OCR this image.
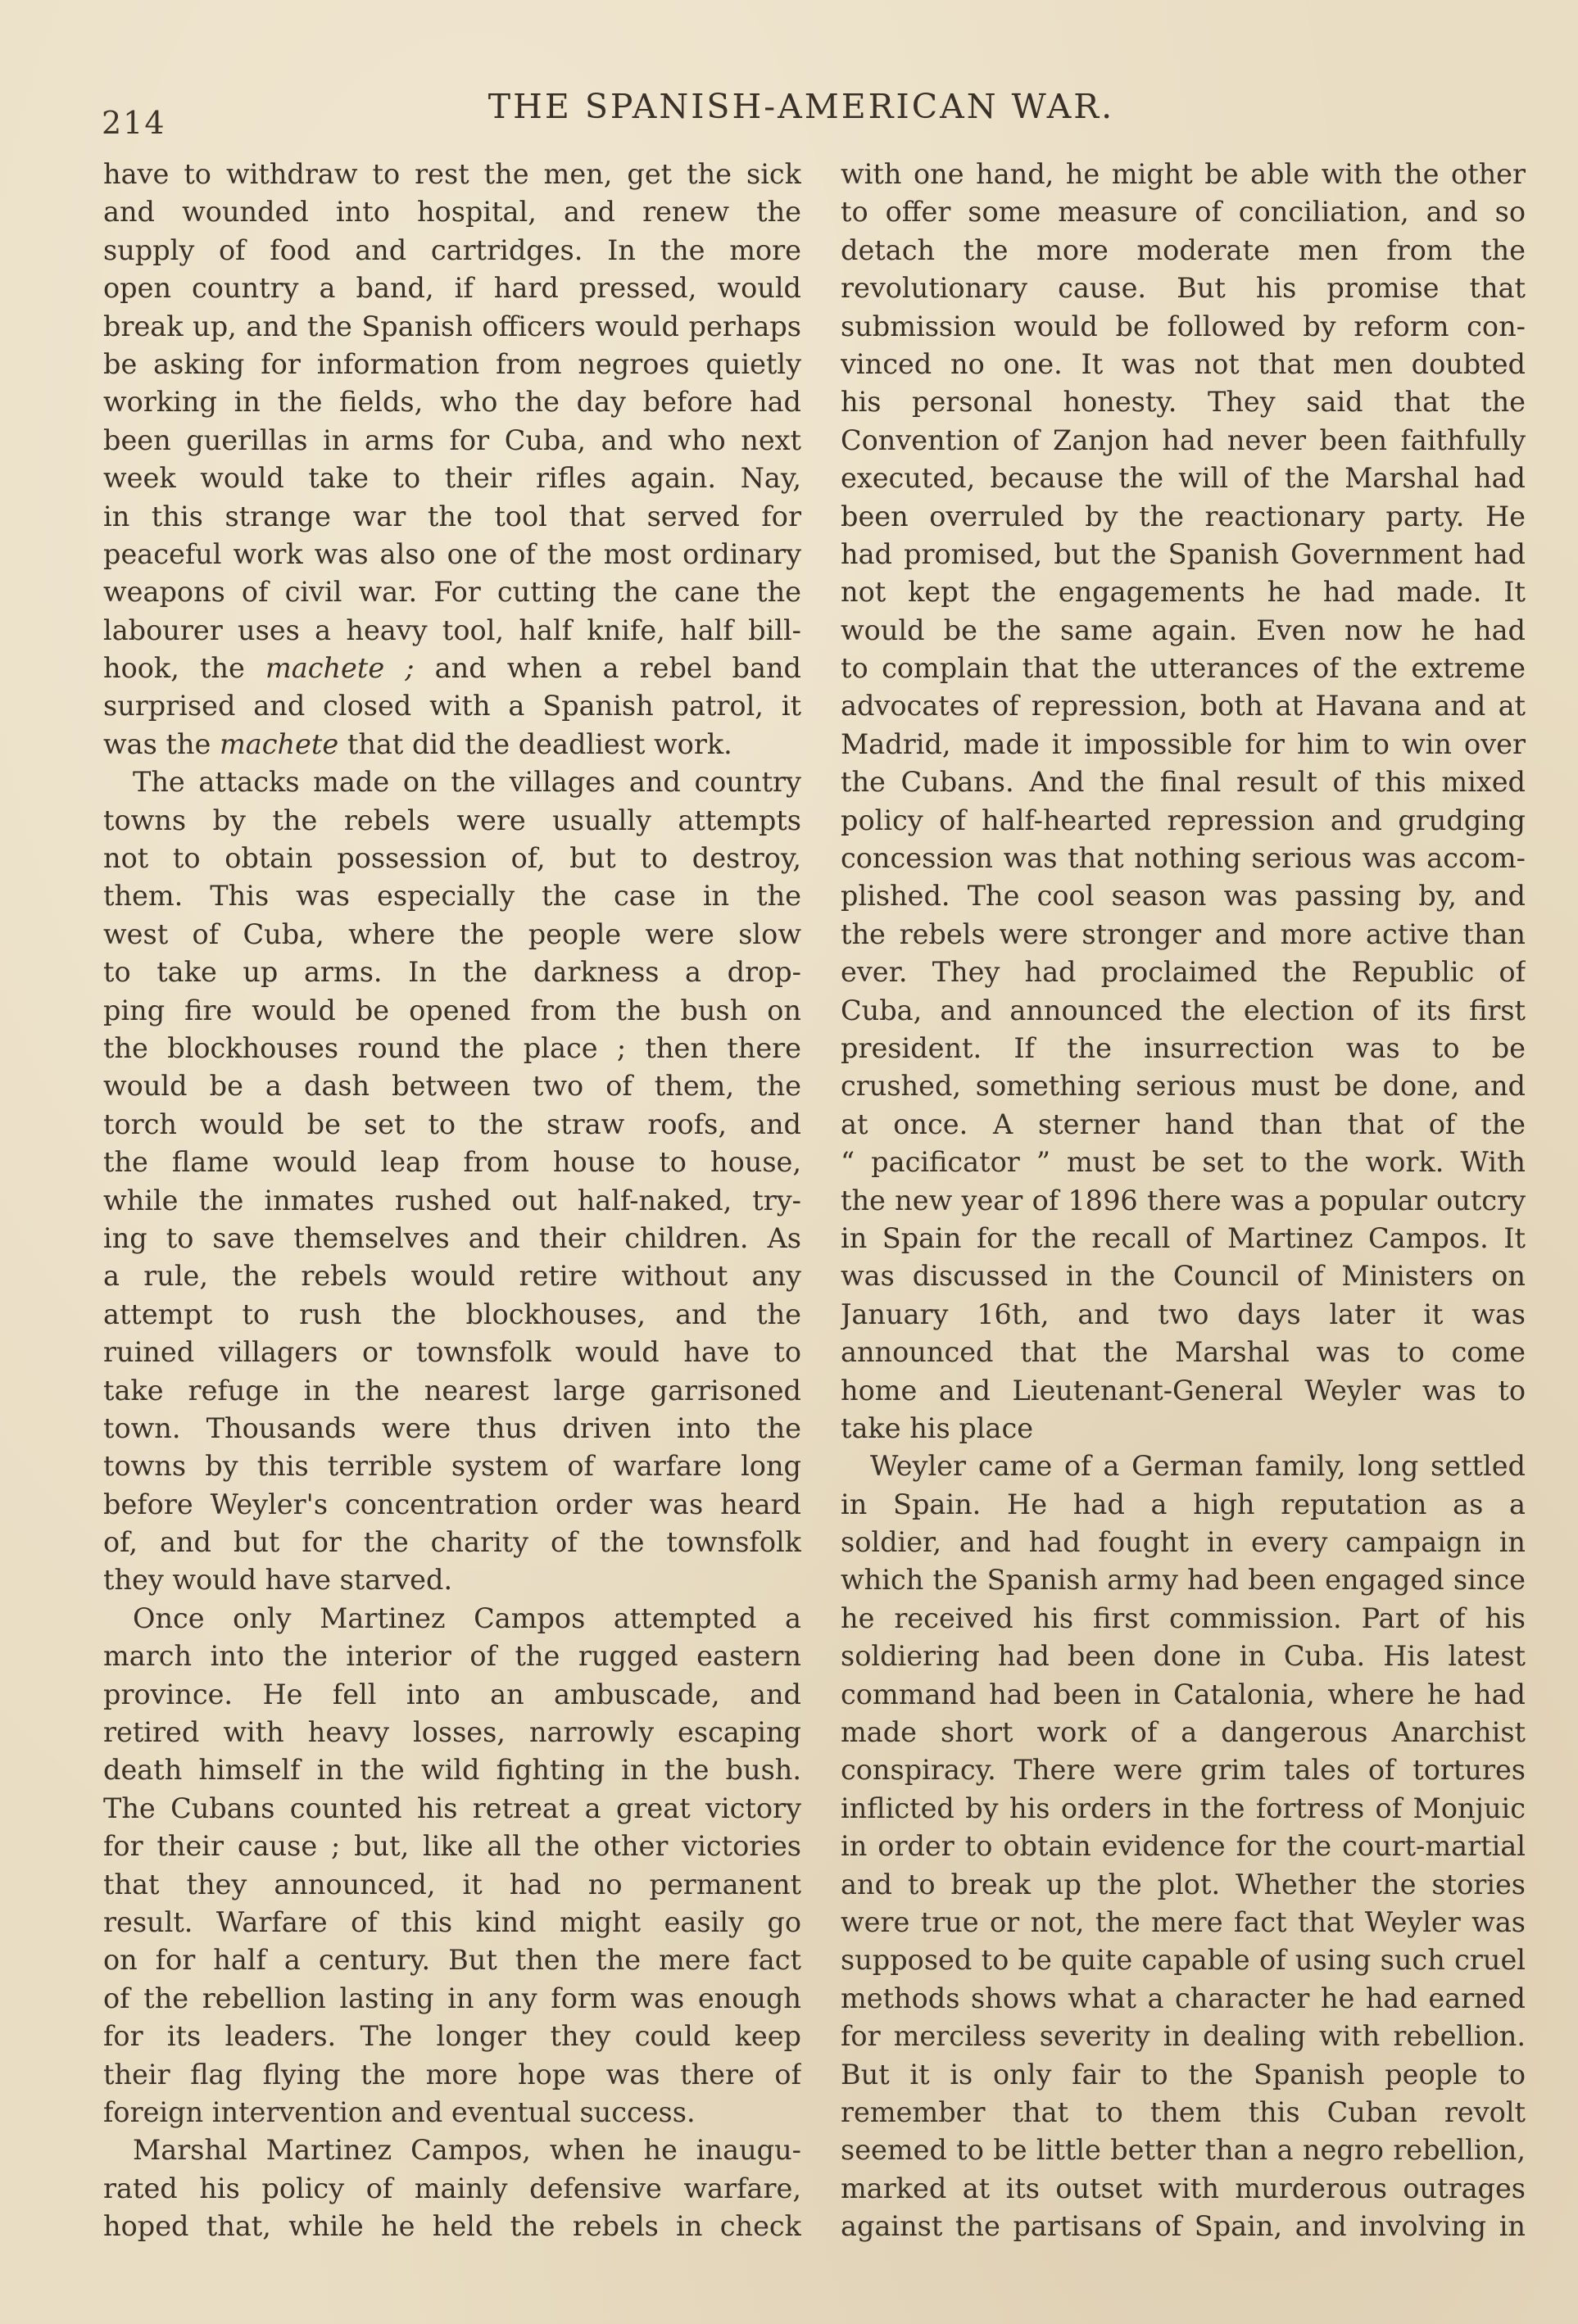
214	THE SPANISH-AMERICAN WAR.
have to withdraw to rest the men, get the sick
and wounded into hospital, and renew the
supply of food and cartridges. In the more
open country a band, if hard pressed, would
break up, and the Spanish officers would perhaps
be asking for information from negroes quietly
working in the fields, who the day before had
been guerillas in arms for Cuba, and who next
week would take to their rifles again. Nay,
in this strange war the tool that served for
peaceful work was also one of the most ordinary
weapons of civil war. For cutting the cane the
labourer uses a heavy tool, half knife, half bill-
hook, the machete ; and when a rebel band
surprised and closed with a Spanish patrol, it
was the machete that did the deadliest work.
The attacks made on the villages and country
towns by the rebels were usually attempts
not to obtain possession of, but to destroy,
them. This was especially the case in the
west of Cuba, where the people were slow
to take up arms. In the darkness a drop-
ping fire would be opened from the bush on
the blockhouses round the place ; then there
would be a dash between two of them, the
torch would be set to the straw roofs, and
the flame would leap from house to house,
while the inmates rushed out half-naked, try-
ing to save themselves and their children. As
a rule, the rebels would retire without any
attempt to rush the blockhouses, and the
ruined villagers or townsfolk would have to
take refuge in the nearest large garrisoned
town. Thousands were thus driven into the
towns by this terrible system of warfare long
before Weyler's concentration order was heard
of, and but for the charity of the townsfolk
they would have starved.
Once only Martinez Campos attempted a
march into the interior of the rugged eastern
province. He fell into an ambuscade, and
retired with heavy losses, narrowly escaping
death himself in the wild fighting in the bush.
The Cubans counted his retreat a great victory
for their cause ; but, like all the other victories
that they announced, it had no permanent
result. Warfare of this kind might easily go
on for half a century. But then the mere fact
of the rebellion lasting in any form was enough
for its leaders. The longer they could keep
their flag flying the more hope was there of
foreign intervention and eventual success.
Marshal Martinez Campos, when he inaugu-
rated his policy of mainly defensive warfare,
hoped that, while he held the rebels in check
with one hand, he might be able with the other
to offer some measure of conciliation, and so
detach the more moderate men from the
revolutionary cause. But his promise that
submission would be followed by reform con-
vinced no one. It was not that men doubted
his personal honesty. They said that the
Convention of Zanjon had never been faithfully
executed, because the will of the Marshal had
been overruled by the reactionary party. He
had promised, but the Spanish Government had
not kept the engagements he had made. It
would be the same again. Even now he had
to complain that the utterances of the extreme
advocates of repression, both at Havana and at
Madrid, made it impossible for him to win over
the Cubans. And the final result of this mixed
policy of half-hearted repression and grudging
concession was that nothing serious was accom-
plished. The cool season was passing by, and
the rebels were stronger and more active than
ever. They had proclaimed the Republic of
Cuba, and announced the election of its first
president. If the insurrection was to be
crushed, something serious must be done, and
at once. A sterner hand than that of the
“ pacificator ” must be set to the work. With
the new year of 1896 there was a popular outcry
in Spain for the recall of Martinez Campos. It
was discussed in the Council of Ministers on
January 16th, and two days later it was
announced that the Marshal was to come
home and Lieutenant-General Weyler was to
take his place
Weyler came of a German family, long settled
in Spain. He had a high reputation as a
soldier, and had fought in every campaign in
which the Spanish army had been engaged since
he received his first commission. Part of his
soldiering had been done in Cuba. His latest
command had been in Catalonia, where he had
made short work of a dangerous Anarchist
conspiracy. There were grim tales of tortures
inflicted by his orders in the fortress of Monjuic
in order to obtain evidence for the court-martial
and to break up the plot. Whether the stories
were true or not, the mere fact that Weyler was
supposed to be quite capable of using such cruel
methods shows what a character he had earned
for merciless severity in dealing with rebellion.
But it is only fair to the Spanish people to
remember that to them this Cuban revolt
seemed to be little better than a negro rebellion,
marked at its outset with murderous outrages
against the partisans of Spain, and involving in
